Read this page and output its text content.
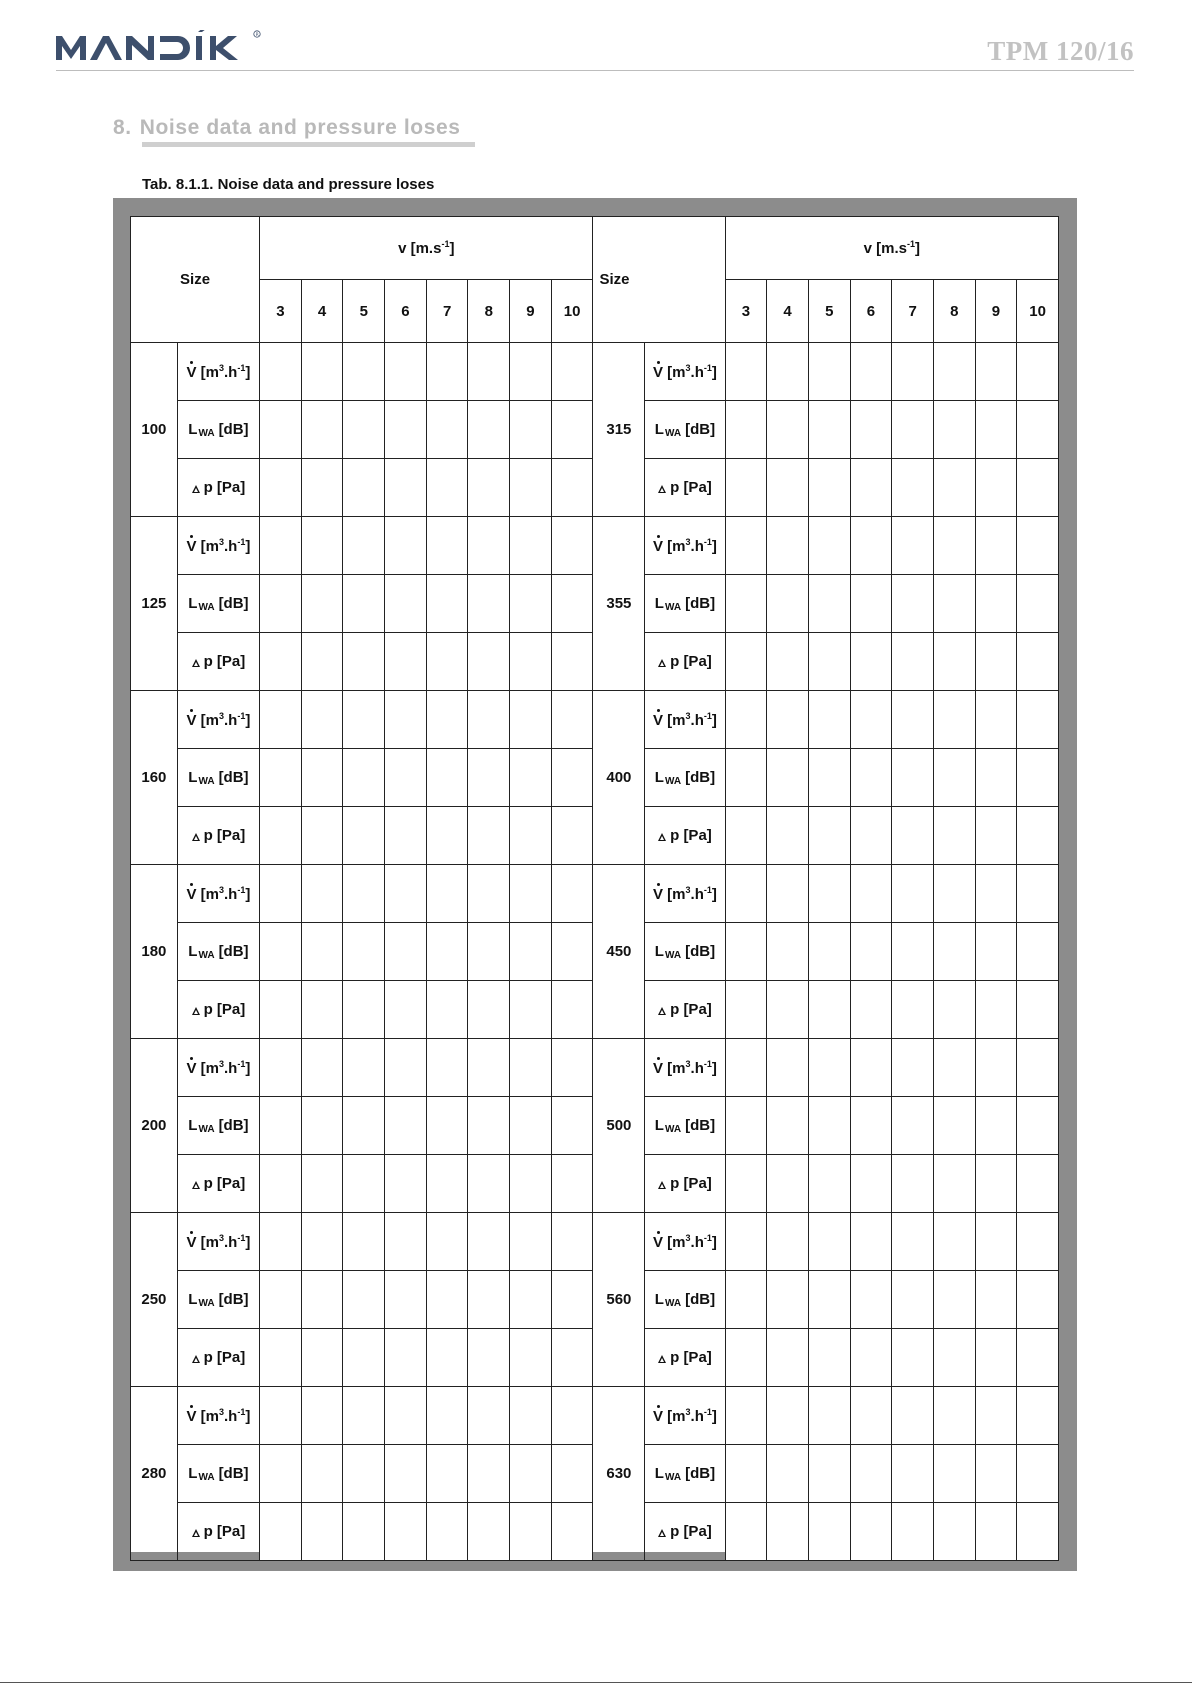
R
TPM 120/16
8. Noise data and pressure loses
Tab. 8.1.1. Noise data and pressure loses
Size		v $[m.s^{-1}]$								Size		v $[m.s^{-1}]$							
		3	4	5	6	7	8	9	10			3	4	5	6	7	8	9	10
100	V $[m^3.h^{-1}]$									315	V $[m^3.h^{-1}]$								
	$L_{WA}$ [dB]										$L_{WA}$ [dB]								
	p [Pa]										p [Pa]								
125	V $[m^3.h^{-1}]$									355	V $[m^3.h^{-1}]$								
	$L_{WA}$ [dB]										$L_{WA}$ [dB]								
	p [Pa]										p [Pa]								
160	V $[m^3.h^{-1}]$									400	V $[m^3.h^{-1}]$								
	$L_{WA}$ [dB]										$L_{WA}$ [dB]								
	p [Pa]										p [Pa]								
180	V $[m^3.h^{-1}]$									450	V $[m^3.h^{-1}]$								
	$L_{WA}$ [dB]										$L_{WA}$ [dB]								
	p [Pa]										p [Pa]								
200	V $[m^3.h^{-1}]$									500	V $[m^3.h^{-1}]$								
	$L_{WA}$ [dB]										$L_{WA}$ [dB]								
	p [Pa]										p [Pa]								
250	V $[m^3.h^{-1}]$									560	V $[m^3.h^{-1}]$								
	$L_{WA}$ [dB]										$L_{WA}$ [dB]								
	p [Pa]										p [Pa]								
280	V $[m^3.h^{-1}]$									630	V $[m^3.h^{-1}]$								
	$L_{WA}$ [dB]										$L_{WA}$ [dB]								
	p [Pa]										p [Pa]								
